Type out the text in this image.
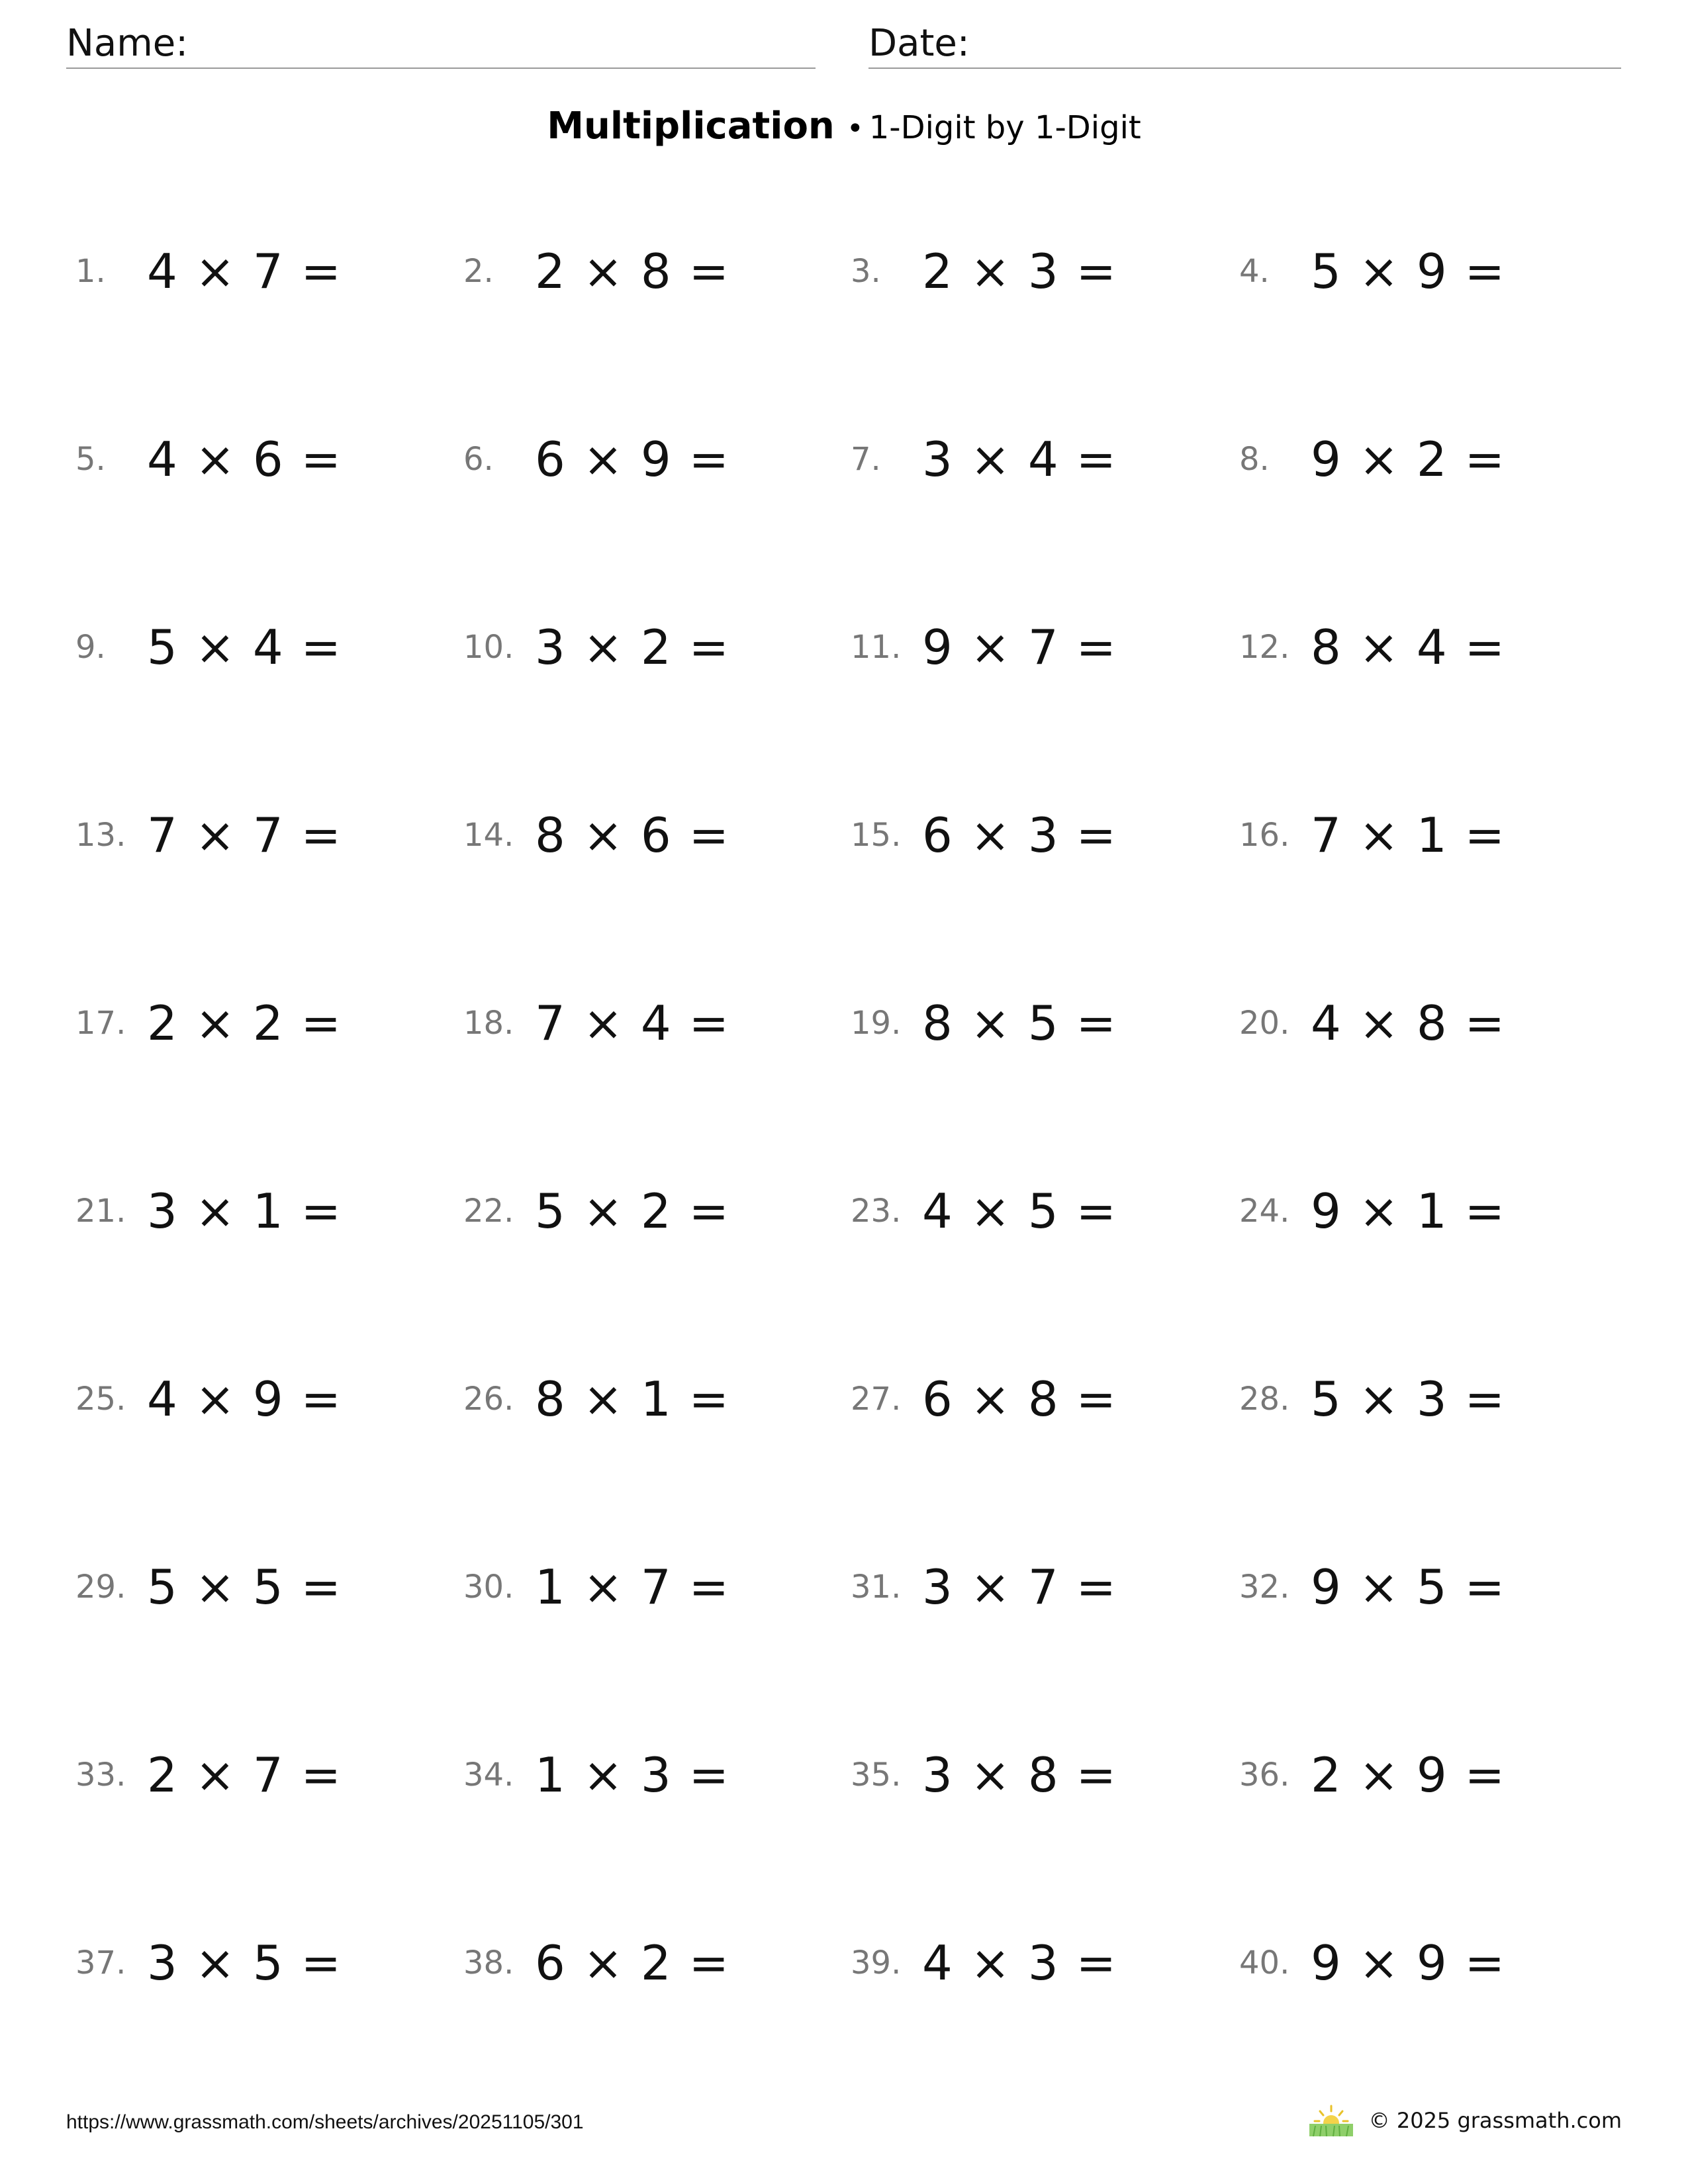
Name:	Date:
Multiplication • 1-Digit by 1-Digit
1. 4 × 7 =	2. 2 × 8 =	3. 2 × 3 =	4. 5 × 9 =
5. 4 × 6 =	6. 6 × 9 =	7. 3 × 4 =	8. 9 × 2 =
9. 5 × 4 =	10. 3 × 2 =	11. 9 × 7 =	12. 8 × 4 =
13. 7 × 7 =	14. 8 × 6 =	15. 6 × 3 =	16. 7 × 1 =
17. 2 × 2 =	18. 7 × 4 =	19. 8 × 5 =	20. 4 × 8 =
21. 3 × 1 =	22. 5 × 2 =	23. 4 × 5 =	24. 9 × 1 =
25. 4 × 9 =	26. 8 × 1 =	27. 6 × 8 =	28. 5 × 3 =
29. 5 × 5 =	30. 1 × 7 =	31. 3 × 7 =	32. 9 × 5 =
33. 2 × 7 =	34. 1 × 3 =	35. 3 × 8 =	36. 2 × 9 =
37. 3 × 5 =	38. 6 × 2 =	39. 4 × 3 =	40. 9 × 9 =
https://www.grassmath.com/sheets/archives/20251105/301	© 2025 grassmath.com
